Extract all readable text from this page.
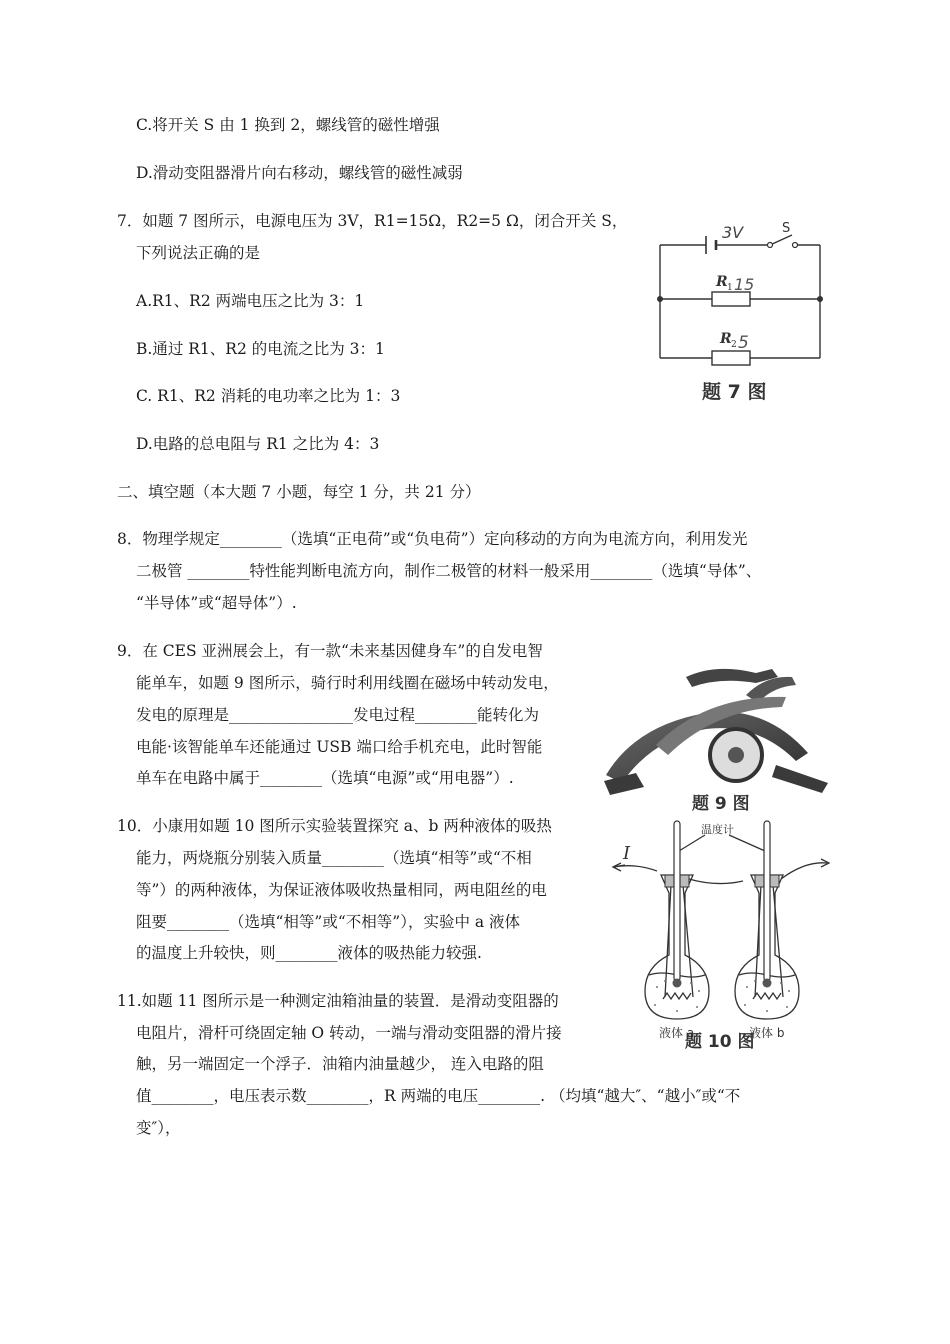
C.将开关 S 由 1 换到 2，螺线管的磁性增强
D.滑动变阻器滑片向右移动，螺线管的磁性减弱
7．如题 7 图所示，电源电压为 3V，R1=15Ω，R2=5 Ω，闭合开关 S，
下列说法正确的是
A.R1、R2 两端电压之比为 3：1
B.通过 R1、R2 的电流之比为 3：1
C. R1、R2 消耗的电功率之比为 1：3
D.电路的总电阻与 R1 之比为 4：3
3V	S
R 1 15
R 2 5
题 7 图
二、填空题（本大题 7 小题，每空 1 分，共 21 分）
8．物理学规定________（选填“正电荷”或“负电荷”）定向移动的方向为电流方向，利用发光
二极管 ________特性能判断电流方向，制作二极管的材料一般采用________（选填“导体”、
“半导体”或“超导体”）.
9．在 CES 亚洲展会上，有一款“未来基因健身车”的自发电智
能单车，如题 9 图所示，骑行时利用线圈在磁场中转动发电，
发电的原理是________________发电过程________能转化为
电能·该智能单车还能通过 USB 端口给手机充电，此时智能
单车在电路中属于________（选填“电源”或“用电器”）.
题 9 图
10．小康用如题 10 图所示实验装置探究 a、b 两种液体的吸热
能力，两烧瓶分别装入质量________（选填“相等”或“不相
等”）的两种液体，为保证液体吸收热量相同，两电阻丝的电
阻要________（选填“相等”或“不相等”），实验中 a 液体
的温度上升较快，则________液体的吸热能力较强.
温度计
I
液体 a	液体 b
题 10 图
11.如题 11 图所示是一种测定油箱油量的装置．是滑动变阻器的
电阻片，滑杆可绕固定轴 O 转动，一端与滑动变阻器的滑片接
触，另一端固定一个浮子．油箱内油量越少， 连入电路的阻
值________，电压表示数________，R 两端的电压________. （均填“越大″、“越小″或“不
变″），
